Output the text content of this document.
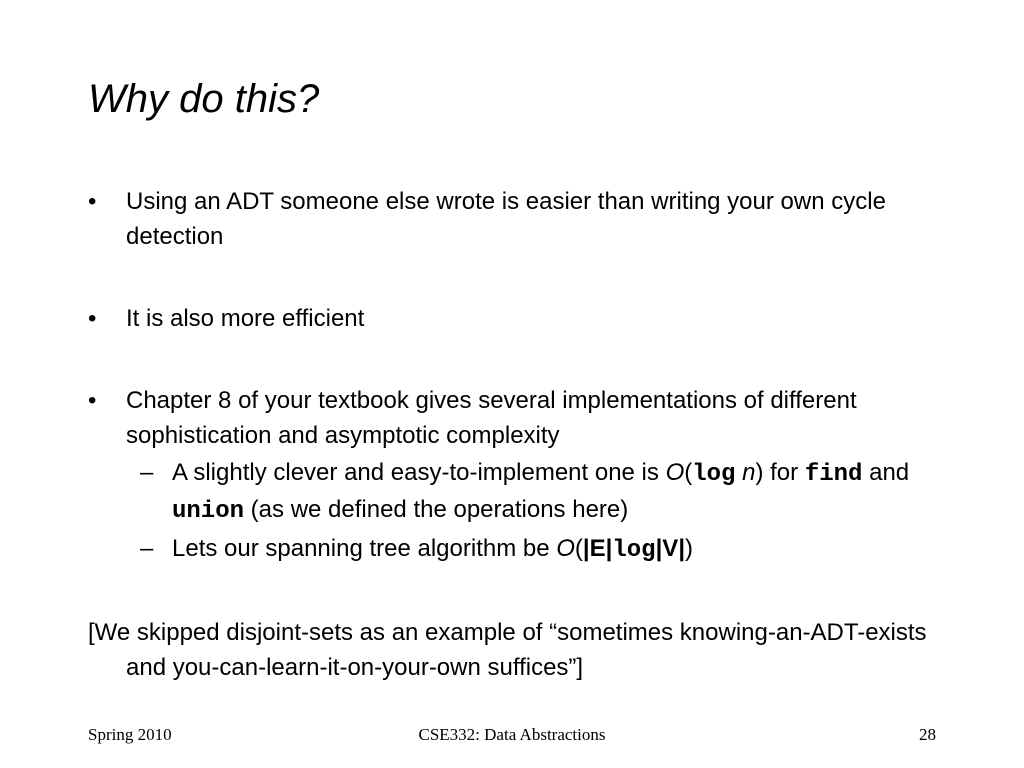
Why do this?
•	Using an ADT someone else wrote is easier than writing your own cycle detection
•	It is also more efficient
•	Chapter 8 of your textbook gives several implementations of different sophistication and asymptotic complexity
– A slightly clever and easy-to-implement one is O(log n) for find and union (as we defined the operations here)
– Lets our spanning tree algorithm be O(|E|log|V|)
[We skipped disjoint-sets as an example of “sometimes knowing-an-ADT-exists and you-can-learn-it-on-your-own suffices”]
Spring 2010	CSE332: Data Abstractions	28
